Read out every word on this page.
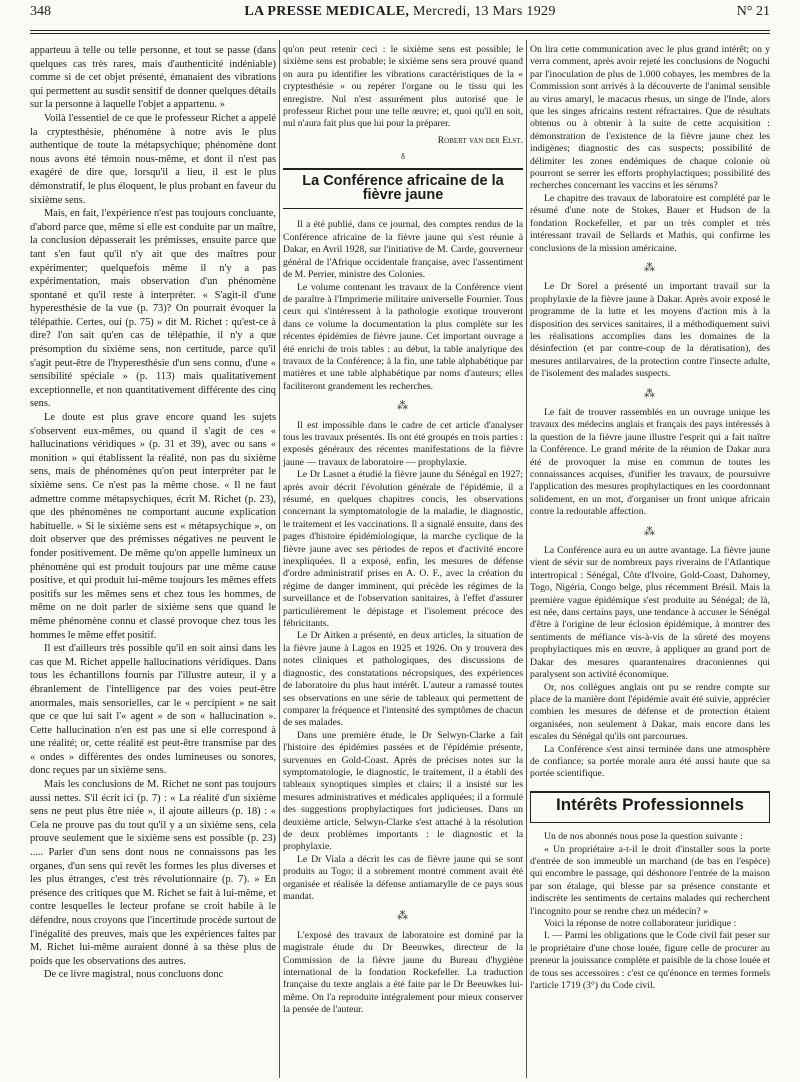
348	LA PRESSE MEDICALE, Mercredi, 13 Mars 1929	N° 21

apparteuu à telle ou telle personne, et tout se passe (dans quelques cas très rares, mais d'authenticité indéniable) comme si de cet objet présenté, émanaient des vibrations qui permettent au susdit sensitif de donner quelques détails sur la personne à laquelle l'objet a appartenu. »

Voilà l'essentiel de ce que le professeur Richet a appelé la cryptesthésie, phénomène à notre avis le plus authentique de toute la métapsychique; phénomène dont nous avons été témoin nous-même, et dont il n'est pas exagéré de dire que, lorsqu'il a lieu, il est le plus démonstratif, le plus éloquent, le plus probant en faveur du sixième sens.

Mais, en fait, l'expérience n'est pas toujours concluante, d'abord parce que, même si elle est conduite par un maître, la conclusion dépasserait les prémisses, ensuite parce que tant s'en faut qu'il n'y ait que des maîtres pour expérimenter; quelquefois même il n'y a pas expérimentation, mais observation d'un phénomène spontané et qu'il reste à interpréter. « S'agit-il d'une hyperesthésie de la vue (p. 73)? On pourrait évoquer la télépathie. Certes, oui (p. 75) » dit M. Richet : qu'est-ce à dire? l'on sait qu'en cas de télépathie, il n'y a que présomption du sixième sens, non certitude, parce qu'il s'agit peut-être de l'hyperesthésie d'un sens connu, d'une « sensibilité spéciale » (p. 113) mais qualitativement exceptionnelle, et non quantitativement différente des cinq sens.

Le doute est plus grave encore quand les sujets s'observent eux-mêmes, ou quand il s'agit de ces « hallucinations véridiques » (p. 31 et 39), avec ou sans « monition » qui établissent la réalité, non pas du sixième sens, mais de phénomènes qu'on peut interpréter par le sixième sens. Ce n'est pas la même chose. « Il ne faut admettre comme métapsychiques, écrit M. Richet (p. 23), que des phénomènes ne comportant aucune explication habituelle. » Si le sixième sens est « métapsychique », on doit observer que des prémisses négatives ne peuvent le fonder positivement. De même qu'on appelle lumineux un phénomène qui est produit toujours par une même cause positive, et qui produit lui-même toujours les mêmes effets positifs sur les mêmes sens et chez tous les hommes, de même on ne doit parler de sixième sens que quand le même phénomène connu et classé provoque chez tous les hommes le même effet positif.

Il est d'ailleurs très possible qu'il en soit ainsi dans les cas que M. Richet appelle hallucinations véridiques. Dans tous les échantillons fournis par l'illustre auteur, il y a ébranlement de l'intelligence par des voies peut-être anormales, mais sensorielles, car le « percipient » ne sait que ce que lui sait l'« agent » de son « hallucination ». Cette hallucination n'en est pas une si elle correspond à une réalité; or, cette réalité est peut-être transmise par des « ondes » différentes des ondes lumineuses ou sonores, donc reçues par un sixième sens.

Mais les conclusions de M. Richet ne sont pas toujours aussi nettes. S'il écrit ici (p. 7) : « La réalité d'un sixième sens ne peut plus être niée », il ajoute ailleurs (p. 18) : « Cela ne prouve pas du tout qu'il y a un sixième sens, cela prouve seulement que le sixième sens est possible (p. 23) ..... Parler d'un sens dont nous ne connaissons pas les organes, d'un sens qui revêt les formes les plus diverses et les plus étranges, c'est très révolutionnaire (p. 7). » En présence des critiques que M. Richet se fait à lui-même, et contre lesquelles le lecteur profane se croit habile à le défendre, nous croyons que l'incertitude procède surtout de l'inégalité des preuves, mais que les expériences faites par M. Richet lui-même auraient donné à sa thèse plus de poids que les observations des autres.

De ce livre magistral, nous concluons donc

qu'on peut retenir ceci : le sixième sens est possible; le sixième sens est probable; le sixième sens sera prouvé quand on aura pu identifier les vibrations caractéristiques de la « cryptesthésie » ou repérer l'organe ou le tissu qui les enregistre. Nul n'est assurément plus autorisé que le professeur Richet pour une telle œuvre; et, quoi qu'il en soit, nul n'aura fait plus que lui pour la préparer.

Robert van der Elst.
δ
La Conférence africaine de la fièvre jaune

Il a été publié, dans ce journal, des comptes rendus de la Conférence africaine de la fièvre jaune qui s'est réunie à Dakar, en Avril 1928, sur l'initiative de M. Carde, gouverneur général de l'Afrique occidentale française, avec l'assentiment de M. Perrier, ministre des Colonies.

Le volume contenant les travaux de la Conférence vient de paraître à l'Imprimerie militaire universelle Fournier. Tous ceux qui s'intéressent à la pathologie exotique trouveront dans ce volume la documentation la plus complète sur les récentes épidémies de fièvre jaune. Cet important ouvrage a été enrichi de trois tables : au début, la table analytique des travaux de la Conférence; à la fin, une table alphabétique par matières et une table alphabétique par noms d'auteurs; elles faciliteront grandement les recherches.

⁂

Il est impossible dans le cadre de cet article d'analyser tous les travaux présentés. Ils ont été groupés en trois parties : exposés généraux des récentes manifestations de la fièvre jaune — travaux de laboratoire — prophylaxie.

Le Dr Lasnet a étudié la fièvre jaune du Sénégal en 1927; après avoir décrit l'évolution générale de l'épidémie, il a résumé, en quelques chapitres concis, les observations concernant la symptomatologie de la maladie, le diagnostic, le traitement et les vaccinations. Il a signalé ensuite, dans des pages d'histoire épidémiologique, la marche cyclique de la fièvre jaune avec ses périodes de repos et d'activité encore inexpliquées. Il a exposé, enfin, les mesures de défense d'ordre administratif prises en A. O. F., avec la création du régime de danger imminent, qui précède les régimes de la surveillance et de l'observation sanitaires, à l'effet d'assurer particulièrement le dépistage et l'isolement précoce des fébricitants.

Le Dr Aitken a présenté, en deux articles, la situation de la fièvre jaune à Lagos en 1925 et 1926. On y trouvera des notes cliniques et pathologiques, des discussions de diagnostic, des constatations nécropsiques, des expériences de laboratoire du plus haut intérêt. L'auteur a ramassé toutes ses observations en une série de tableaux qui permettent de comparer la fréquence et l'intensité des symptômes de chacun de ses malades.

Dans une première étude, le Dr Selwyn-Clarke a fait l'histoire des épidémies passées et de l'épidémie présente, survenues en Gold-Coast. Après de précises notes sur la symptomatologie, le diagnostic, le traitement, il a établi des tableaux synoptiques simples et clairs; il a insisté sur les mesures administratives et médicales appliquées; il a formulé des suggestions prophylactiques fort judicieuses. Dans un deuxième article, Selwyn-Clarke s'est attaché à la résolution de deux problèmes importants : le diagnostic et la prophylaxie.

Le Dr Viala a décrit les cas de fièvre jaune qui se sont produits au Togo; il a sobrement montré comment avait été organisée et réalisée la défense antiamarylle de ce pays sous mandat.

⁂

L'exposé des travaux de laboratoire est dominé par la magistrale étude du Dr Beeuwkes, directeur de la Commission de la fièvre jaune du Bureau d'hygiène international de la fondation Rockefeller. La traduction française du texte anglais a été faite par le Dr Beeuwkes lui-même. On l'a reproduite intégralement pour mieux conserver la pensée de l'auteur.

On lira cette communication avec le plus grand intérêt; on y verra comment, après avoir rejeté les conclusions de Noguchi par l'inoculation de plus de 1.000 cobayes, les membres de la Commission sont arrivés à la découverte de l'animal sensible au virus amaryl, le macacus rhesus, un singe de l'Inde, alors que les singes africains restent réfractaires. Que de résultats obtenus ou à obtenir à la suite de cette acquisition : démonstration de l'existence de la fièvre jaune chez les indigènes; diagnostic des cas suspects; possibilité de délimiter les zones endémiques de chaque colonie où pourront se serrer les efforts prophylactiques; possibilité des recherches concernant les vaccins et les sérums?

Le chapitre des travaux de laboratoire est complété par le résumé d'une note de Stokes, Bauer et Hudson de la fondation Rockefeller, et par un très complet et très intéressant travail de Sellards et Mathis, qui confirme les conclusions de la mission américaine.

⁂

Le Dr Sorel a présenté un important travail sur la prophylaxie de la fièvre jaune à Dakar. Après avoir exposé le programme de la lutte et les moyens d'action mis à la disposition des services sanitaires, il a méthodiquement suivi les réalisations accomplies dans les domaines de la désinfection (et par contre-coup de la dératisation), des mesures antilarvaires, de la protection contre l'insecte adulte, de l'isolement des malades suspects.

⁂

Le fait de trouver rassemblés en un ouvrage unique les travaux des médecins anglais et français des pays intéressés à la question de la fièvre jaune illustre l'esprit qui a fait naître la Conférence. Le grand mérite de la réunion de Dakar aura été de provoquer la mise en commun de toutes les connaissances acquises, d'unifier les travaux, de poursuivre l'application des mesures prophylactiques en les coordonnant solidement, en un mot, d'organiser un front unique africain contre la redoutable affection.

⁂

La Conférence aura eu un autre avantage. La fièvre jaune vient de sévir sur de nombreux pays riverains de l'Atlantique intertropical : Sénégal, Côte d'Ivoire, Gold-Coast, Dahomey, Togo, Nigéria, Congo belge, plus récemment Brésil. Mais la première vague épidémique s'est produite au Sénégal; de là, est née, dans certains pays, une tendance à accuser le Sénégal d'être à l'origine de leur éclosion épidémique, à montrer des sentiments de méfiance vis-à-vis de la sûreté des moyens prophylactiques mis en œuvre, à appliquer au grand port de Dakar des mesures quarantenaires draconiennes qui paralysent son activité économique.

Or, nos collègues anglais ont pu se rendre compte sur place de la manière dont l'épidémie avait été suivie, apprécier combien les mesures de défense et de protection étaient organisées, non seulement à Dakar, mais encore dans les escales du Sénégal qu'ils ont parcourues.

La Conférence s'est ainsi terminée dans une atmosphère de confiance; sa portée morale aura été aussi haute que sa portée scientifique.

Intérêts Professionnels

Un de nos abonnés nous pose la question suivante :

« Un propriétaire a-t-il le droit d'installer sous la porte d'entrée de son immeuble un marchand (de bas en l'espèce) qui encombre le passage, qui déshonore l'entrée de la maison par son étalage, qui blesse par sa présence constante et indiscrète les sentiments de certains malades qui recherchent l'incognito pour se rendre chez un médecin? »

Voici la réponse de notre collaborateur juridique :

I. — Parmi les obligations que le Code civil fait peser sur le propriétaire d'une chose louée, figure celle de procurer au preneur la jouissance complète et paisible de la chose louée et de tous ses accessoires : c'est ce qu'énonce en termes formels l'article 1719 (3°) du Code civil.
